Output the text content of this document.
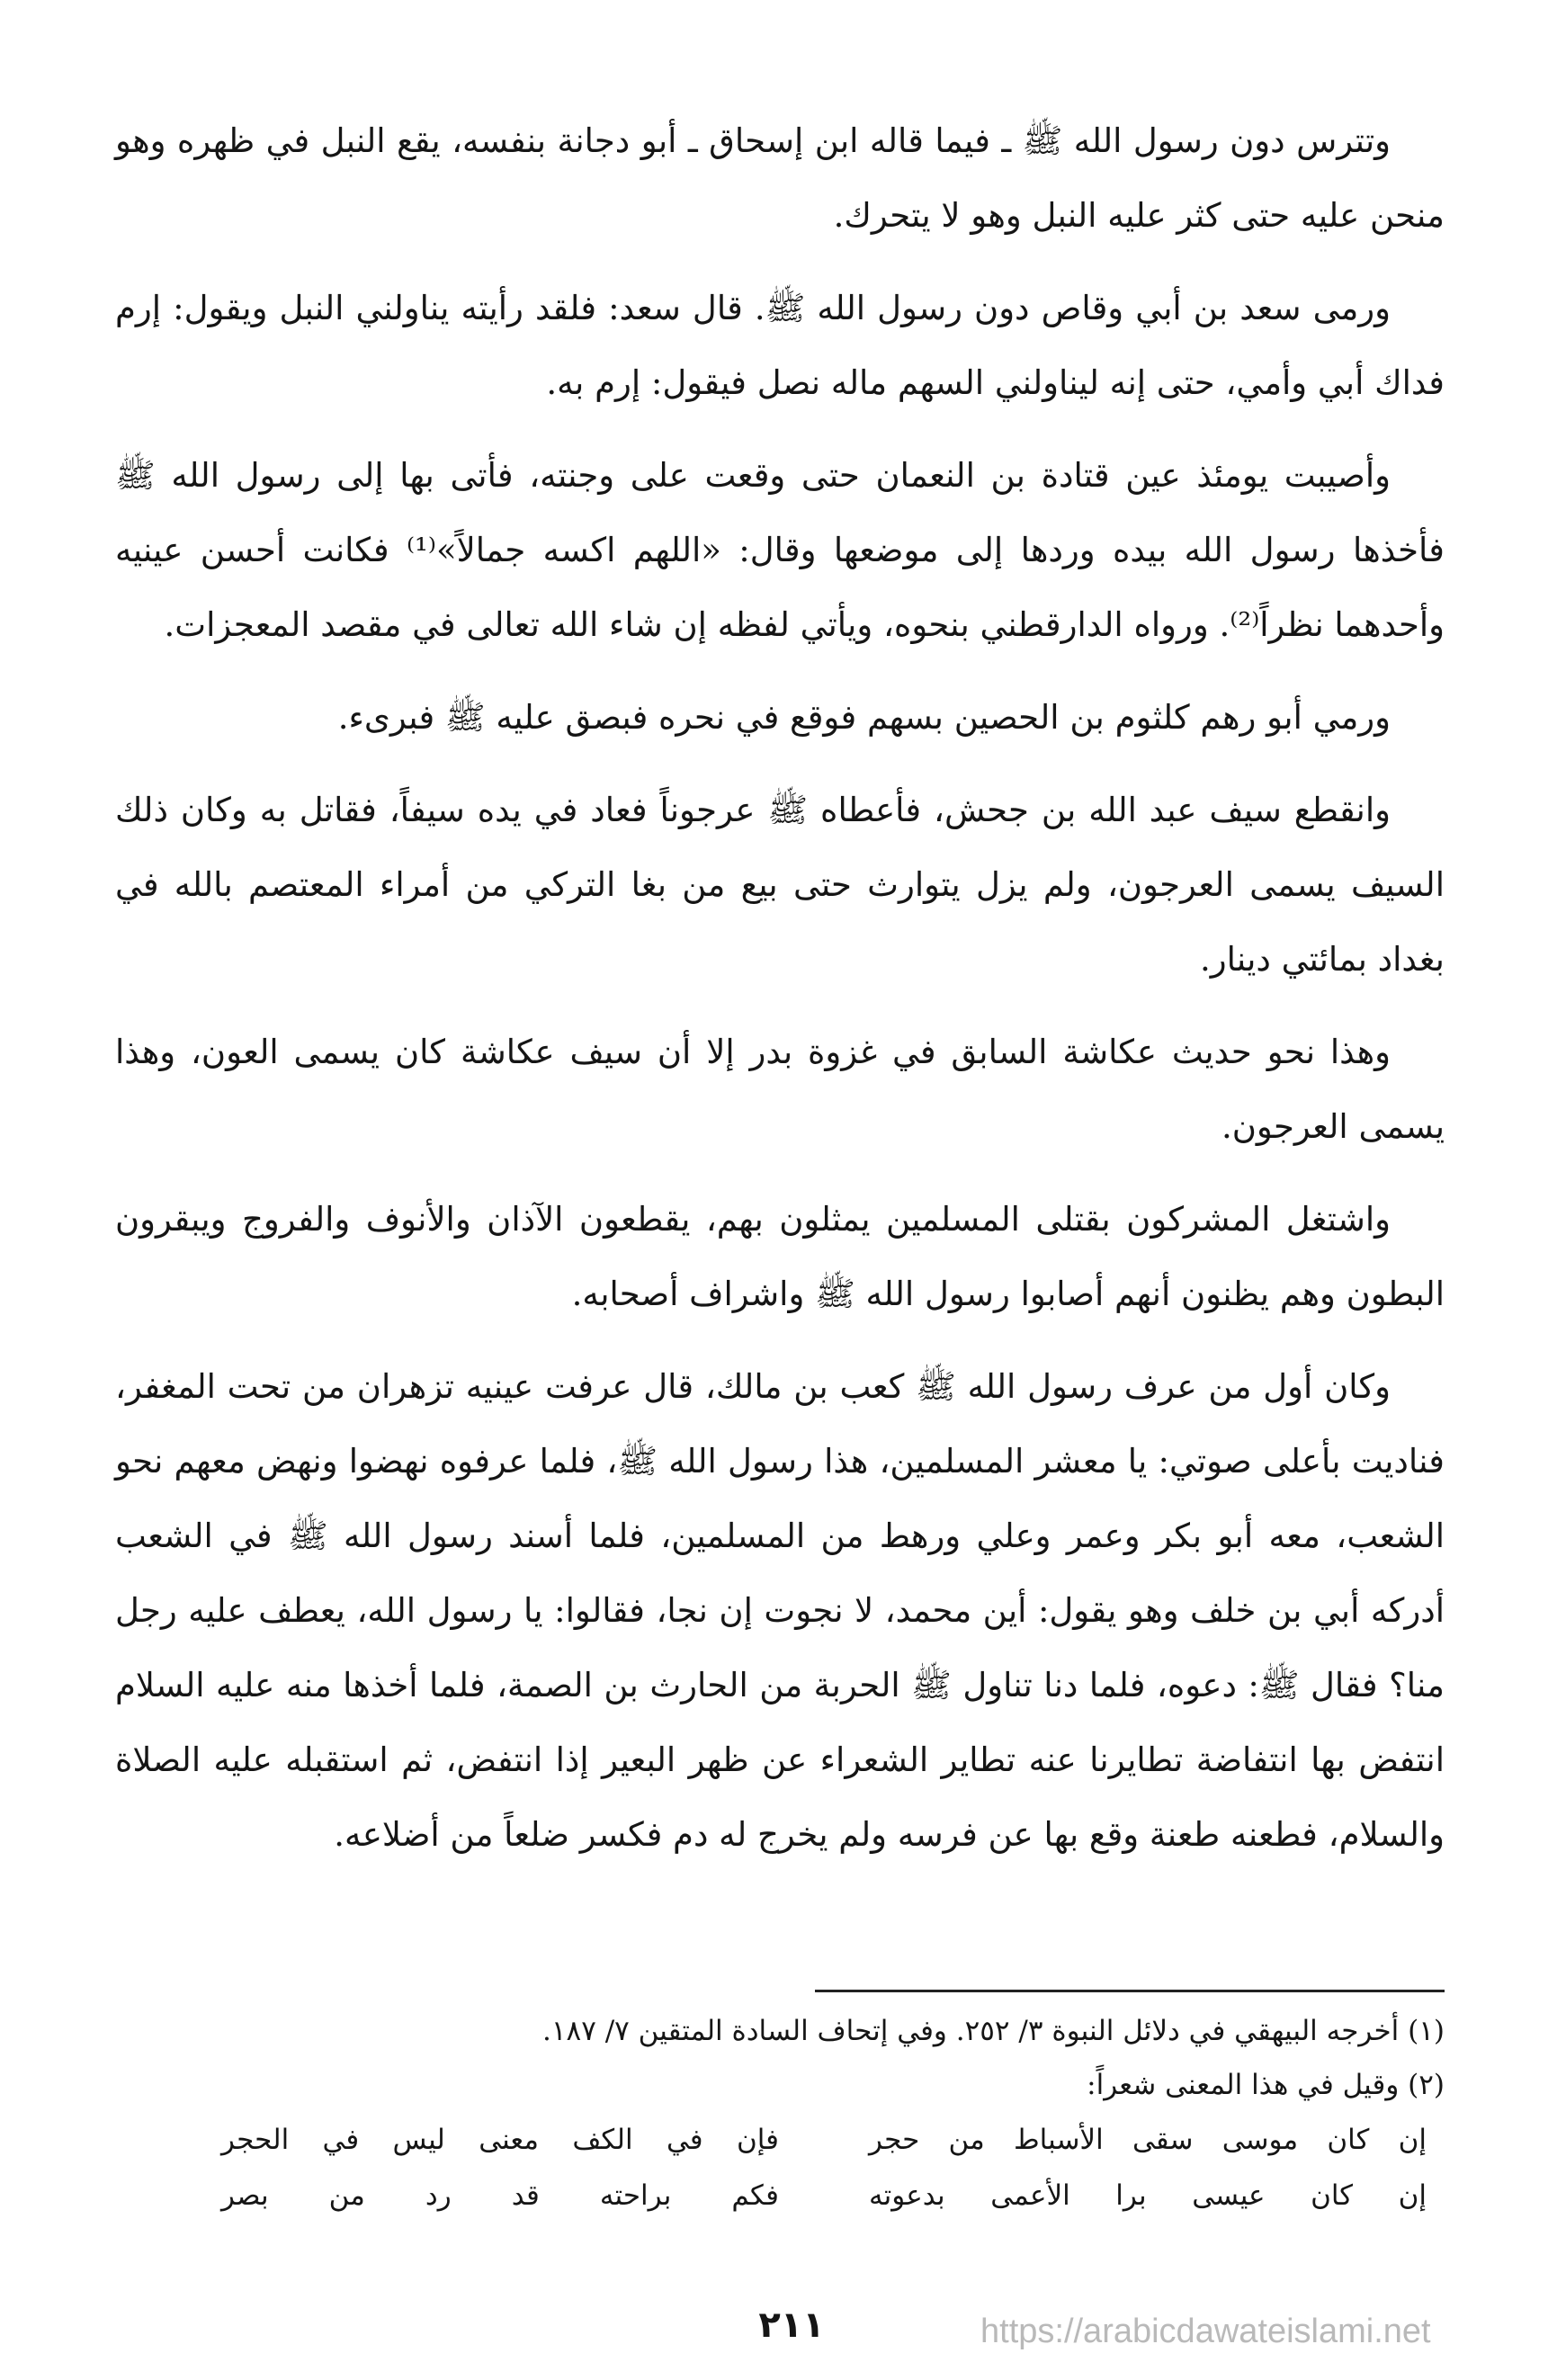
وتترس دون رسول الله ﷺ ـ فيما قاله ابن إسحاق ـ أبو دجانة بنفسه، يقع النبل في ظهره وهو منحن عليه حتى كثر عليه النبل وهو لا يتحرك.

ورمى سعد بن أبي وقاص دون رسول الله ﷺ. قال سعد: فلقد رأيته يناولني النبل ويقول: إرم فداك أبي وأمي، حتى إنه ليناولني السهم ماله نصل فيقول: إرم به.

وأصيبت يومئذ عين قتادة بن النعمان حتى وقعت على وجنته، فأتى بها إلى رسول الله ﷺ فأخذها رسول الله بيده وردها إلى موضعها وقال: «اللهم اكسه جمالاً»⁽¹⁾ فكانت أحسن عينيه وأحدهما نظراً⁽²⁾. ورواه الدارقطني بنحوه، ويأتي لفظه إن شاء الله تعالى في مقصد المعجزات.

ورمي أبو رهم كلثوم بن الحصين بسهم فوقع في نحره فبصق عليه ﷺ فبرىء.

وانقطع سيف عبد الله بن جحش، فأعطاه ﷺ عرجوناً فعاد في يده سيفاً، فقاتل به وكان ذلك السيف يسمى العرجون، ولم يزل يتوارث حتى بيع من بغا التركي من أمراء المعتصم بالله في بغداد بمائتي دينار.

وهذا نحو حديث عكاشة السابق في غزوة بدر إلا أن سيف عكاشة كان يسمى العون، وهذا يسمى العرجون.

واشتغل المشركون بقتلى المسلمين يمثلون بهم، يقطعون الآذان والأنوف والفروج ويبقرون البطون وهم يظنون أنهم أصابوا رسول الله ﷺ واشراف أصحابه.

وكان أول من عرف رسول الله ﷺ كعب بن مالك، قال عرفت عينيه تزهران من تحت المغفر، فناديت بأعلى صوتي: يا معشر المسلمين، هذا رسول الله ﷺ، فلما عرفوه نهضوا ونهض معهم نحو الشعب، معه أبو بكر وعمر وعلي ورهط من المسلمين، فلما أسند رسول الله ﷺ في الشعب أدركه أبي بن خلف وهو يقول: أين محمد، لا نجوت إن نجا، فقالوا: يا رسول الله، يعطف عليه رجل منا؟ فقال ﷺ: دعوه، فلما دنا تناول ﷺ الحربة من الحارث بن الصمة، فلما أخذها منه عليه السلام انتفض بها انتفاضة تطايرنا عنه تطاير الشعراء عن ظهر البعير إذا انتفض، ثم استقبله عليه الصلاة والسلام، فطعنه طعنة وقع بها عن فرسه ولم يخرج له دم فكسر ضلعاً من أضلاعه.

(١) أخرجه البيهقي في دلائل النبوة ٣/ ٢٥٢. وفي إتحاف السادة المتقين ٧/ ١٨٧.

(٢) وقيل في هذا المعنى شعراً:

إن كان موسى سقى الأسباط من حجر
فإن في الكف معنى ليس في الحجر
إن كان عيسى برا الأعمى بدعوته
فكم براحته قد رد من بصر
٢١١	https://arabicdawateislami.net
